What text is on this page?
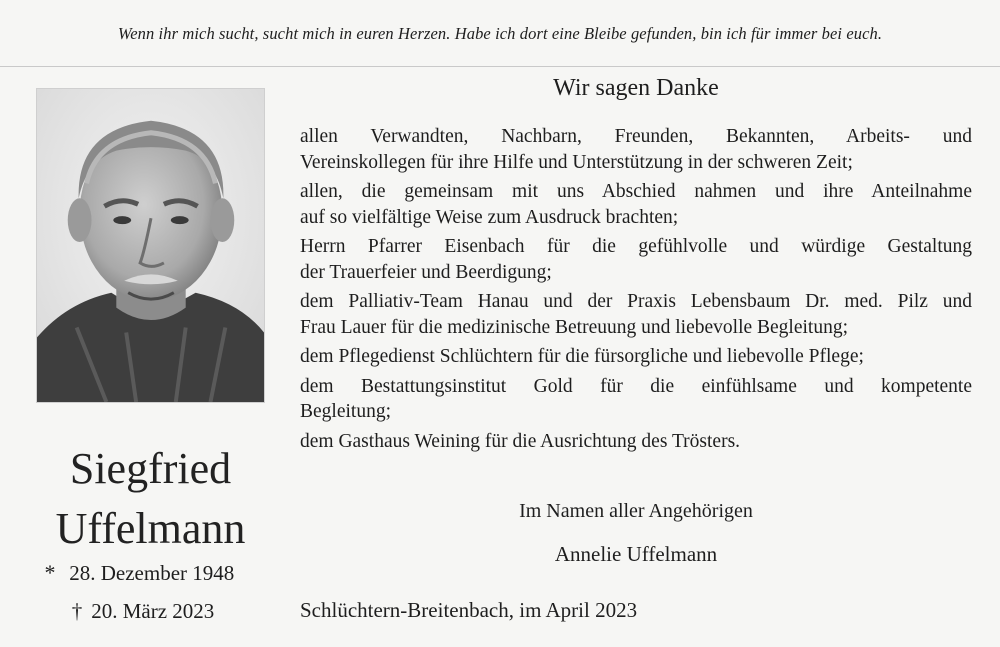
Wenn ihr mich sucht, sucht mich in euren Herzen. Habe ich dort eine Bleibe gefunden, bin ich für immer bei euch.
Siegfried
Uffelmann
* 28. Dezember 1948
† 20. März 2023
Wir sagen Danke

allen Verwandten, Nachbarn, Freunden, Bekannten, Arbeits- und
Vereinskollegen für ihre Hilfe und Unterstützung in der schweren Zeit;

allen, die gemeinsam mit uns Abschied nahmen und ihre Anteilnahme
auf so vielfältige Weise zum Ausdruck brachten;

Herrn Pfarrer Eisenbach für die gefühlvolle und würdige Gestaltung
der Trauerfeier und Beerdigung;

dem Palliativ-Team Hanau und der Praxis Lebensbaum Dr. med. Pilz und
Frau Lauer für die medizinische Betreuung und liebevolle Begleitung;

dem Pflegedienst Schlüchtern für die fürsorgliche und liebevolle Pflege;

dem Bestattungsinstitut Gold für die einfühlsame und kompetente
Begleitung;

dem Gasthaus Weining für die Ausrichtung des Trösters.

Im Namen aller Angehörigen
Annelie Uffelmann
Schlüchtern-Breitenbach, im April 2023
